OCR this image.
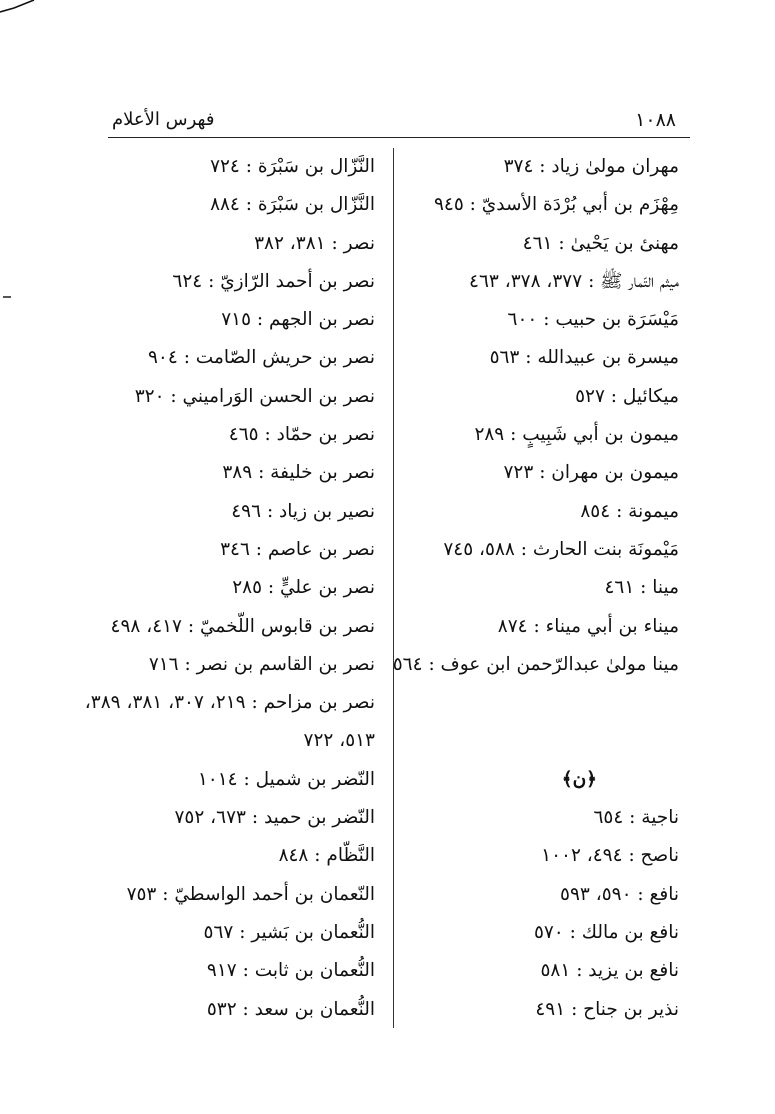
١٠٨٨
فهرس الأعلام
مهران مولىٰ زياد : ٣٧٤
مِهْزَم بن أبي بُرْدَة الأسديّ : ٩٤٥
مهنىٔ بن يَحْيىٰ : ٤٦١
ميثم التّمار ﷺ : ٣٧٧، ٣٧٨، ٤٦٣
مَيْسَرَة بن حبيب : ٦٠٠
ميسرة بن عبيدالله : ٥٦٣
ميكائيل : ٥٢٧
ميمون بن أبي شَبِيبٍ : ٢٨٩
ميمون بن مهران : ٧٢٣
ميمونة : ٨٥٤
مَيْمونَة بنت الحارث : ٥٨٨، ٧٤٥
مينا : ٤٦١
ميناء بن أبي ميناء : ٨٧٤
مينا مولىٰ عبدالرّحمن ابن عوف : ٥٦٤
﴿ن﴾
ناجية : ٦٥٤
ناصح : ٤٩٤، ١٠٠٢
نافع : ٥٩٠، ٥٩٣
نافع بن مالك : ٥٧٠
نافع بن يزيد : ٥٨١
نذير بن جناح : ٤٩١
النَّزّال بن سَبْرَة : ٧٢٤
النَّزّال بن سَبْرَة : ٨٨٤
نصر : ٣٨١، ٣٨٢
نصر بن أحمد الرّازيّ : ٦٢٤
نصر بن الجهم : ٧١٥
نصر بن حريش الصّامت : ٩٠٤
نصر بن الحسن الوَراميني : ٣٢٠
نصر بن حمّاد : ٤٦٥
نصر بن خليفة : ٣٨٩
نصير بن زياد : ٤٩٦
نصر بن عاصم : ٣٤٦
نصر بن عليٍّ : ٢٨٥
نصر بن قابوس اللّخميّ : ٤١٧، ٤٩٨
نصر بن القاسم بن نصر : ٧١٦
نصر بن مزاحم : ٢١٩، ٣٠٧، ٣٨١، ٣٨٩، ٥١٣، ٧٢٢
النّضر بن شميل : ١٠١٤
النّضر بن حميد : ٦٧٣، ٧٥٢
النَّظّام : ٨٤٨
النّعمان بن أحمد الواسطيّ : ٧٥٣
النُّعمان بن بَشير : ٥٦٧
النُّعمان بن ثابت : ٩١٧
النُّعمان بن سعد : ٥٣٢
